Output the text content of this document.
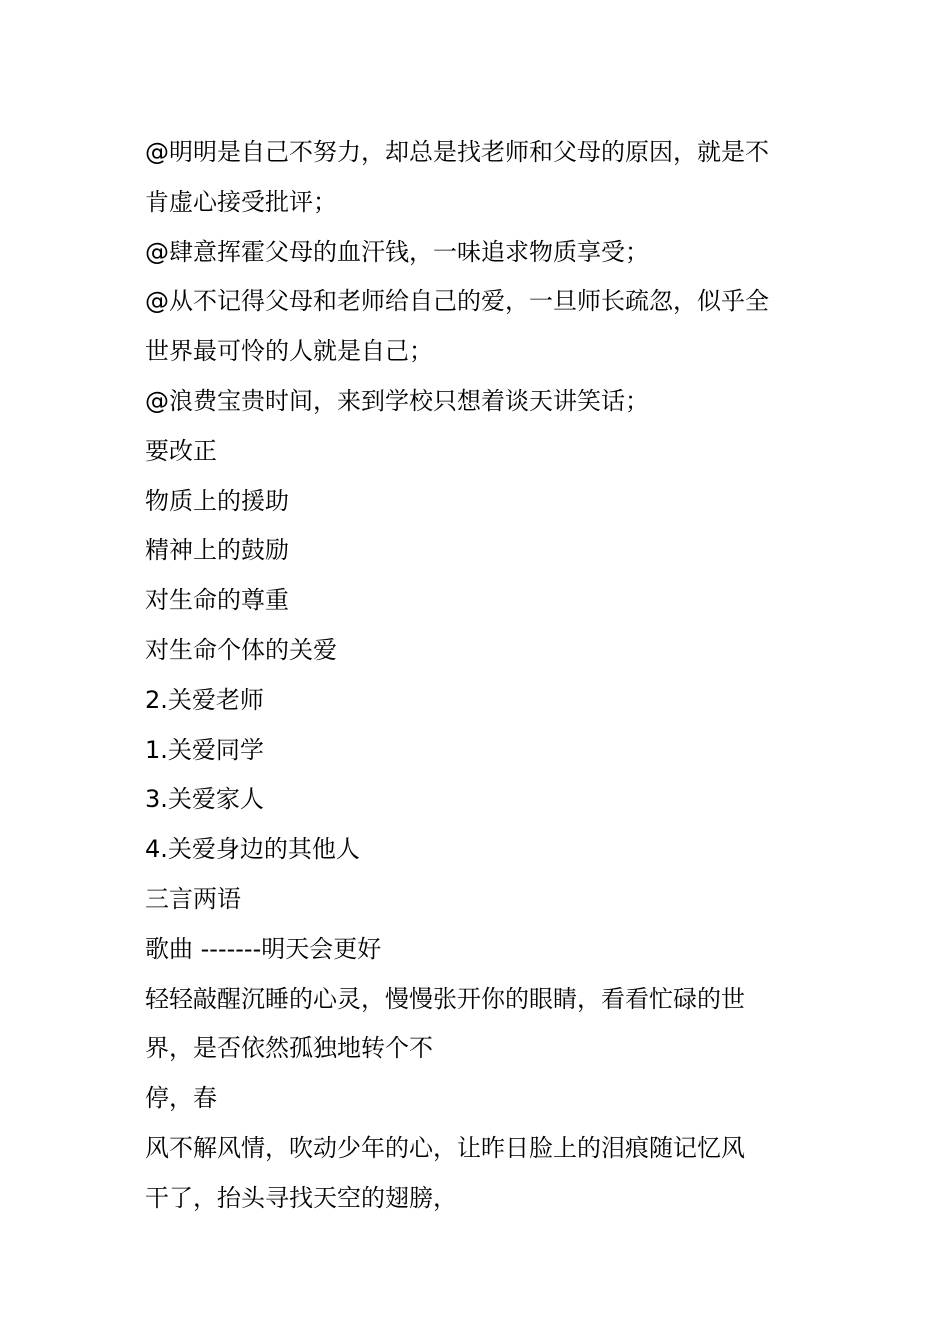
@明明是自己不努力，却总是找老师和父母的原因，就是不
肯虚心接受批评；
@肆意挥霍父母的血汗钱，一味追求物质享受；
@从不记得父母和老师给自己的爱，一旦师长疏忽，似乎全
世界最可怜的人就是自己；
@浪费宝贵时间，来到学校只想着谈天讲笑话；
要改正
物质上的援助
精神上的鼓励
对生命的尊重
对生命个体的关爱
2.关爱老师
1.关爱同学
3.关爱家人
4.关爱身边的其他人
三言两语
歌曲 -------明天会更好
轻轻敲醒沉睡的心灵，慢慢张开你的眼睛，看看忙碌的世
界，是否依然孤独地转个不
停，春
风不解风情，吹动少年的心，让昨日脸上的泪痕随记忆风
干了，抬头寻找天空的翅膀，
